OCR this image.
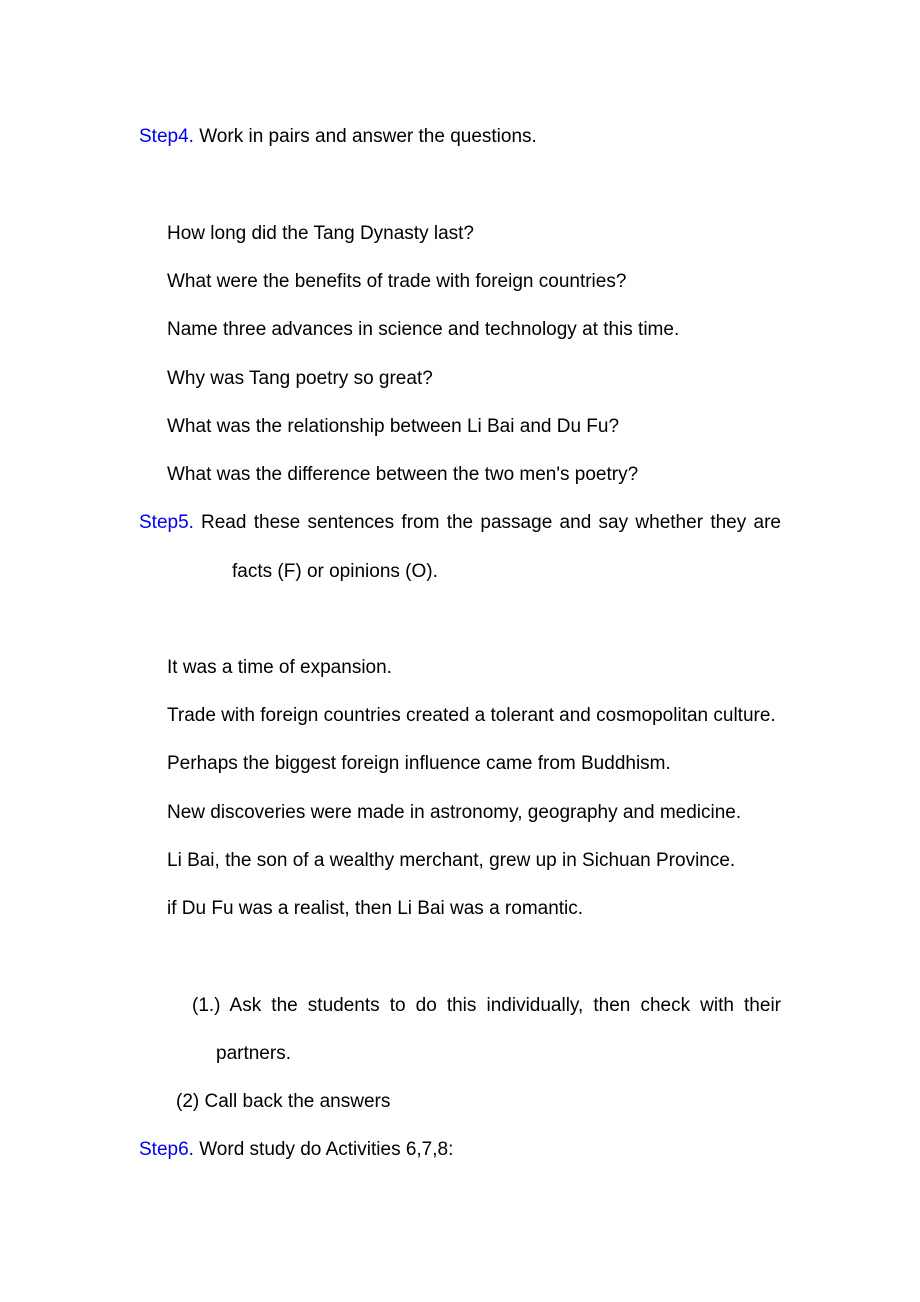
Step4. Work in pairs and answer the questions.
How long did the Tang Dynasty last?
What were the benefits of trade with foreign countries?
Name three advances in science and technology at this time.
Why was Tang poetry so great?
What was the relationship between Li Bai and Du Fu?
What was the difference between the two men's poetry?
Step5. Read these sentences from the passage and say whether they are
facts (F) or opinions (O).
It was a time of expansion.
Trade with foreign countries created a tolerant and cosmopolitan culture.
Perhaps the biggest foreign influence came from Buddhism.
New discoveries were made in astronomy, geography and medicine.
Li Bai, the son of a wealthy merchant, grew up in Sichuan Province.
if Du Fu was a realist, then Li Bai was a romantic.
(1.) Ask the students to do this individually, then check with their
partners.
(2) Call back the answers
Step6. Word study do Activities 6,7,8:
